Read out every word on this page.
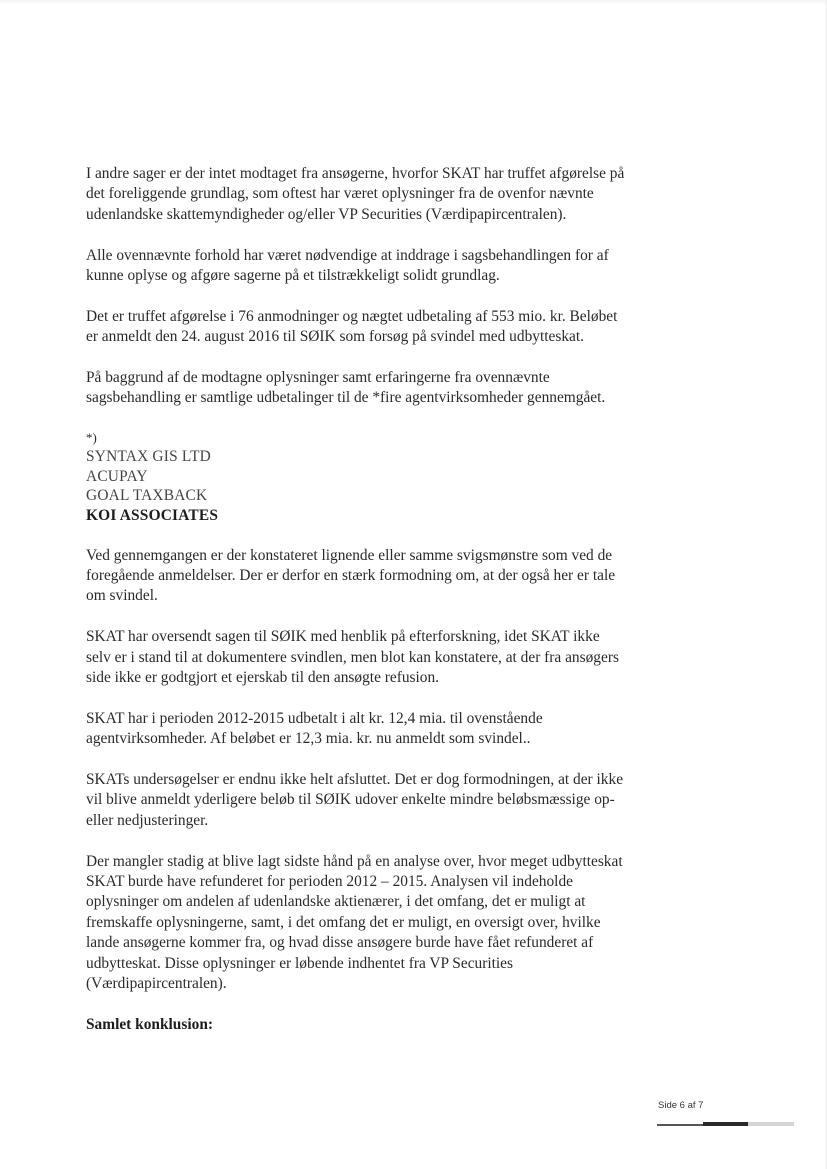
I andre sager er der intet modtaget fra ansøgerne, hvorfor SKAT har truffet afgørelse på det foreliggende grundlag, som oftest har været oplysninger fra de ovenfor nævnte udenlandske skattemyndigheder og/eller VP Securities (Værdipapircentralen).

Alle ovennævnte forhold har været nødvendige at inddrage i sagsbehandlingen for af kunne oplyse og afgøre sagerne på et tilstrækkeligt solidt grundlag.

Det er truffet afgørelse i 76 anmodninger og nægtet udbetaling af 553 mio. kr. Beløbet er anmeldt den 24. august 2016 til SØIK som forsøg på svindel med udbytteskat.

På baggrund af de modtagne oplysninger samt erfaringerne fra ovennævnte sagsbehandling er samtlige udbetalinger til de *fire agentvirksomheder gennemgået.

*)
SYNTAX GIS LTD
ACUPAY
GOAL TAXBACK
KOI ASSOCIATES

Ved gennemgangen er der konstateret lignende eller samme svigsmønstre som ved de foregående anmeldelser. Der er derfor en stærk formodning om, at der også her er tale om svindel.

SKAT har oversendt sagen til SØIK med henblik på efterforskning, idet SKAT ikke selv er i stand til at dokumentere svindlen, men blot kan konstatere, at der fra ansøgers side ikke er godtgjort et ejerskab til den ansøgte refusion.

SKAT har i perioden 2012-2015 udbetalt i alt kr. 12,4 mia. til ovenstående agentvirksomheder. Af beløbet er 12,3 mia. kr. nu anmeldt som svindel..

SKATs undersøgelser er endnu ikke helt afsluttet. Det er dog formodningen, at der ikke vil blive anmeldt yderligere beløb til SØIK udover enkelte mindre beløbsmæssige op- eller nedjusteringer.

Der mangler stadig at blive lagt sidste hånd på en analyse over, hvor meget udbytteskat SKAT burde have refunderet for perioden 2012 – 2015. Analysen vil indeholde oplysninger om andelen af udenlandske aktienærer, i det omfang, det er muligt at fremskaffe oplysningerne, samt, i det omfang det er muligt, en oversigt over, hvilke lande ansøgerne kommer fra, og hvad disse ansøgere burde have fået refunderet af udbytteskat. Disse oplysninger er løbende indhentet fra VP Securities (Værdipapircentralen).

Samlet konklusion:
Side 6 af 7
